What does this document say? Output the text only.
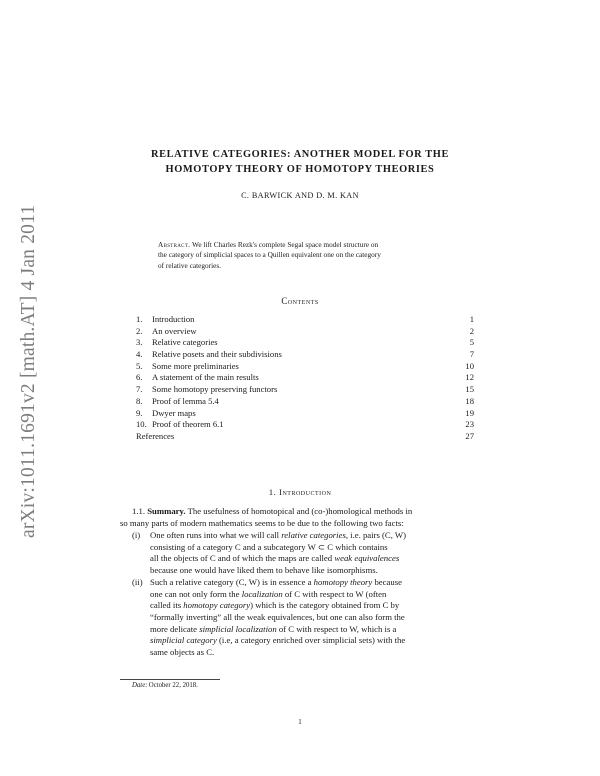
arXiv:1011.1691v2 [math.AT] 4 Jan 2011
RELATIVE CATEGORIES: ANOTHER MODEL FOR THE
HOMOTOPY THEORY OF HOMOTOPY THEORIES
C. BARWICK AND D. M. KAN
Abstract. We lift Charles Rezk's complete Segal space model structure on
the category of simplicial spaces to a Quillen equivalent one on the category
of relative categories.
Contents
1. Introduction	1
2. An overview	2
3. Relative categories	5
4. Relative posets and their subdivisions	7
5. Some more preliminaries	10
6. A statement of the main results	12
7. Some homotopy preserving functors	15
8. Proof of lemma 5.4	18
9. Dwyer maps	19
10. Proof of theorem 6.1	23
References	27
1. Introduction
1.1. Summary. The usefulness of homotopical and (co-)homological methods in
so many parts of modern mathematics seems to be due to the following two facts:
(i) One often runs into what we will call relative categories, i.e. pairs (C, W)
consisting of a category C and a subcategory W ⊂ C which contains
all the objects of C and of which the maps are called weak equivalences
because one would have liked them to behave like isomorphisms.
(ii) Such a relative category (C, W) is in essence a homotopy theory because
one can not only form the localization of C with respect to W (often
called its homotopy category) which is the category obtained from C by
“formally inverting” all the weak equivalences, but one can also form the
more delicate simplicial localization of C with respect to W, which is a
simplicial category (i.e, a category enriched over simplicial sets) with the
same objects as C.
Date: October 22, 2018.
1
